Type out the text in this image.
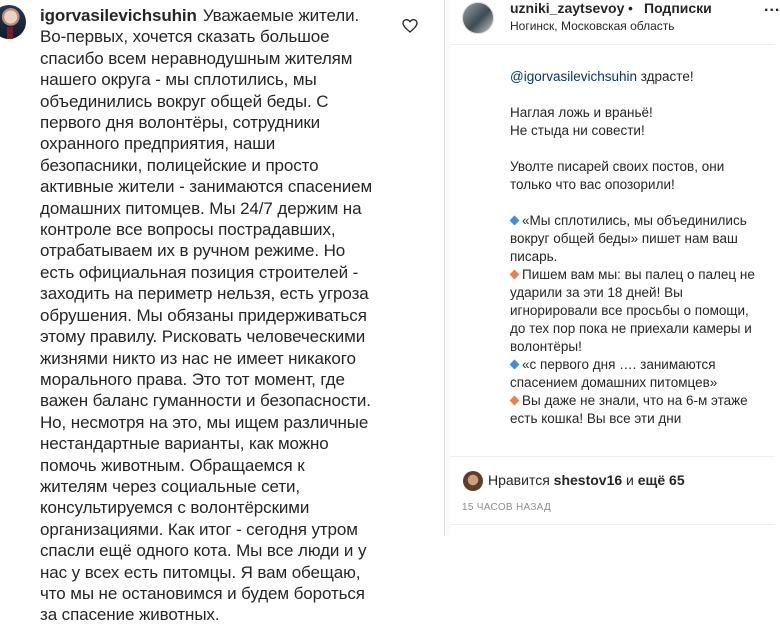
igorvasilevichsuhin Уважаемые жители. Во-первых, хочется сказать большое спасибо всем неравнодушным жителям нашего округа - мы сплотились, мы объединились вокруг общей беды. С первого дня волонтёры, сотрудники охранного предприятия, наши безопасники, полицейские и просто активные жители - занимаются спасением домашних питомцев. Мы 24/7 держим на контроле все вопросы пострадавших, отрабатываем их в ручном режиме. Но есть официальная позиция строителей - заходить на периметр нельзя, есть угроза обрушения. Мы обязаны придерживаться этому правилу. Рисковать человеческими жизнями никто из нас не имеет никакого морального права. Это тот момент, где важен баланс гуманности и безопасности. Но, несмотря на это, мы ищем различные нестандартные варианты, как можно помочь животным. Обращаемся к жителям через социальные сети, консультируемся с волонтёрскими организациями. Как итог - сегодня утром спасли ещё одного кота. Мы все люди и у нас у всех есть питомцы. Я вам обещаю, что мы не остановимся и будем бороться за спасение животных.
uzniki_zaytsevoy • Подписки
Ногинск, Московская область
...

@igorvasilevichsuhin здрасте!

Наглая ложь и враньё!
Не стыда ни совести!

Уволте писарей своих постов, они только что вас опозорили!

«Мы сплотились, мы объединились вокруг общей беды» пишет нам ваш писарь.
Пишем вам мы: вы палец о палец не ударили за эти 18 дней! Вы игнорировали все просьбы о помощи, до тех пор пока не приехали камеры и волонтёры!
«с первого дня …. занимаются спасением домашних питомцев»
Вы даже не знали, что на 6-м этаже есть кошка! Вы все эти дни
Нравится shestov16 и ещё 65
15 ЧАСОВ НАЗАД
